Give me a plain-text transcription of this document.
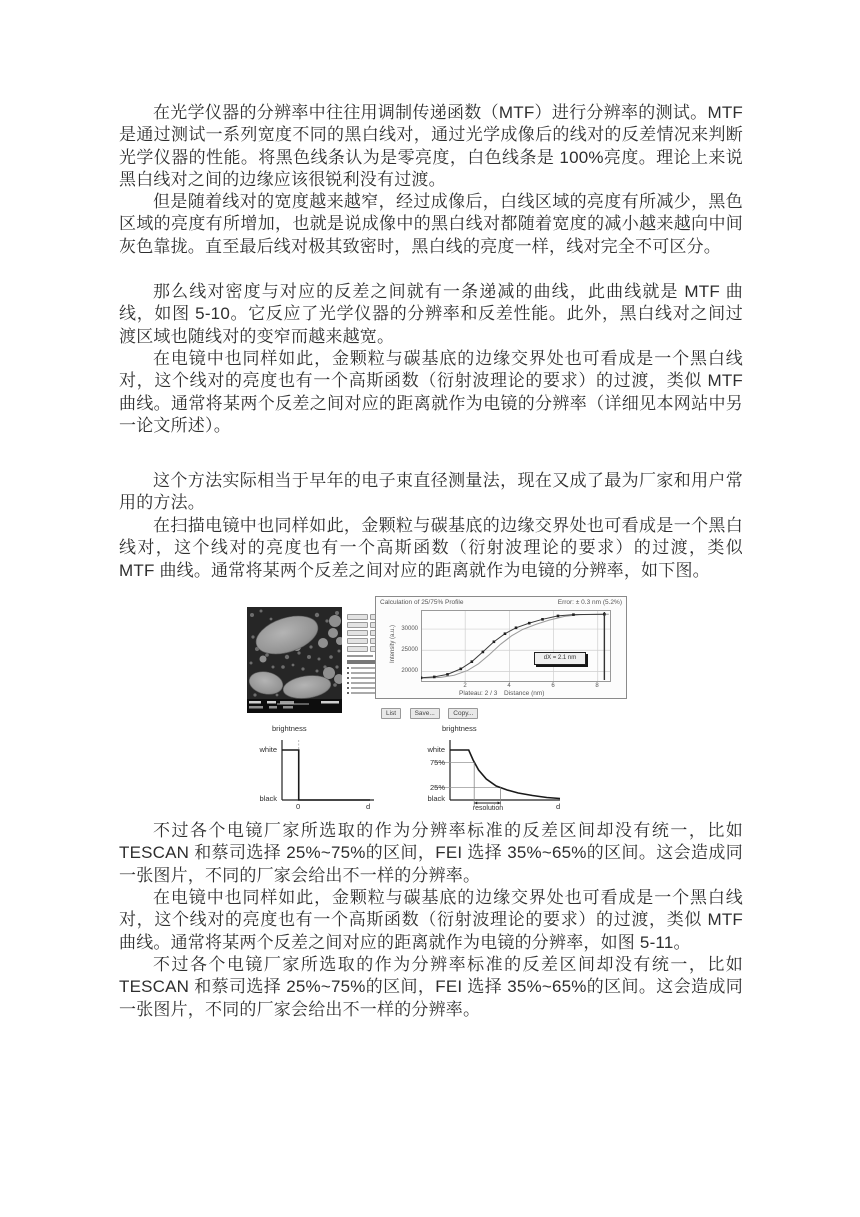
在光学仪器的分辨率中往往用调制传递函数（MTF）进行分辨率的测试。MTF 是通过测试一系列宽度不同的黑白线对，通过光学成像后的线对的反差情况来判断光学仪器的性能。将黑色线条认为是零亮度，白色线条是 100%亮度。理论上来说黑白线对之间的边缘应该很锐利没有过渡。
但是随着线对的宽度越来越窄，经过成像后，白线区域的亮度有所减少，黑色区域的亮度有所增加，也就是说成像中的黑白线对都随着宽度的减小越来越向中间灰色靠拢。直至最后线对极其致密时，黑白线的亮度一样，线对完全不可区分。
那么线对密度与对应的反差之间就有一条递减的曲线，此曲线就是 MTF 曲线，如图 5-10。它反应了光学仪器的分辨率和反差性能。此外，黑白线对之间过渡区域也随线对的变窄而越来越宽。
在电镜中也同样如此，金颗粒与碳基底的边缘交界处也可看成是一个黑白线对，这个线对的亮度也有一个高斯函数（衍射波理论的要求）的过渡，类似 MTF 曲线。通常将某两个反差之间对应的距离就作为电镜的分辨率（详细见本网站中另一论文所述）。
这个方法实际相当于早年的电子束直径测量法，现在又成了最为厂家和用户常用的方法。
在扫描电镜中也同样如此，金颗粒与碳基底的边缘交界处也可看成是一个黑白线对，这个线对的亮度也有一个高斯函数（衍射波理论的要求）的过渡，类似 MTF 曲线。通常将某两个反差之间对应的距离就作为电镜的分辨率，如下图。
不过各个电镜厂家所选取的作为分辨率标准的反差区间却没有统一，比如 TESCAN 和蔡司选择 25%~75%的区间，FEI 选择 35%~65%的区间。这会造成同一张图片，不同的厂家会给出不一样的分辨率。
在电镜中也同样如此，金颗粒与碳基底的边缘交界处也可看成是一个黑白线对，这个线对的亮度也有一个高斯函数（衍射波理论的要求）的过渡，类似 MTF 曲线。通常将某两个反差之间对应的距离就作为电镜的分辨率，如图 5-11。
不过各个电镜厂家所选取的作为分辨率标准的反差区间却没有统一，比如 TESCAN 和蔡司选择 25%~75%的区间，FEI 选择 35%~65%的区间。这会造成同一张图片，不同的厂家会给出不一样的分辨率。
Calculation of 25/75% Profile	Error: ± 0.3 nm (5.2%)
Intensity (a.u.) 30000
25000
20000
dX = 2.1 nm
2	4	6	8
Plateau: 2 / 3 Distance (nm)
List	Save...	Copy...
brightness
white
black
0	d
brightness
white
75%
25%
black
d
resolution
